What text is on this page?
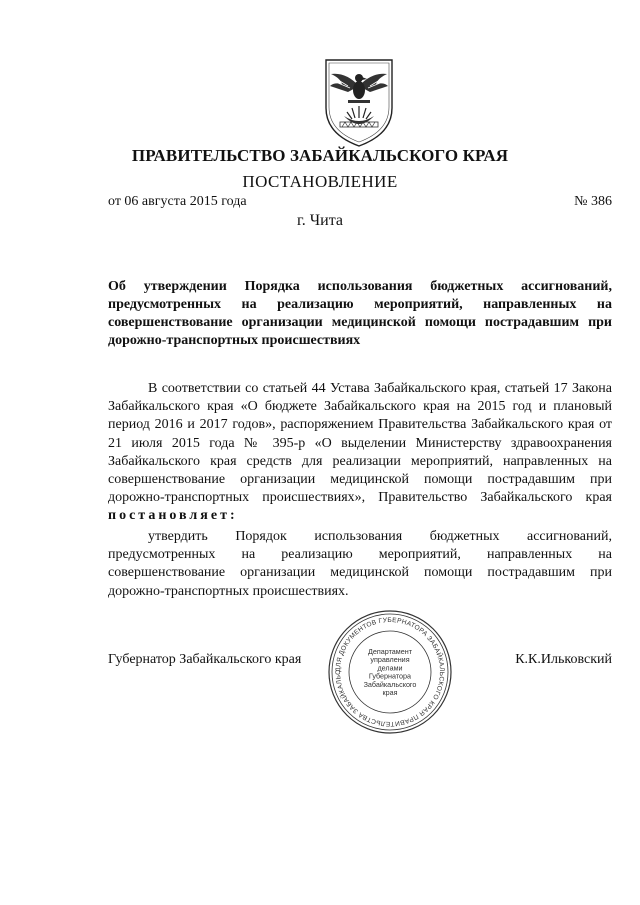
ПРАВИТЕЛЬСТВО ЗАБАЙКАЛЬСКОГО КРАЯ
ПОСТАНОВЛЕНИЕ
от 06 августа 2015 года	№ 386
г. Чита
Об утверждении Порядка использования бюджетных ассигнований, предусмотренных на реализацию мероприятий, направленных на совершенствование организации медицинской помощи пострадавшим при дорожно-транспортных происшествиях
В соответствии со статьей 44 Устава Забайкальского края, статьей 17 Закона Забайкальского края «О бюджете Забайкальского края на 2015 год и плановый период 2016 и 2017 годов», распоряжением Правительства Забайкальского края от 21 июля 2015 года № 395-р «О выделении Министерству здравоохранения Забайкальского края средств для реализации мероприятий, направленных на совершенствование организации медицинской помощи пострадавшим при дорожно-транспортных происшествиях», Правительство Забайкальского края постановляет:
утвердить Порядок использования бюджетных ассигнований, предусмотренных на реализацию мероприятий, направленных на совершенствование организации медицинской помощи пострадавшим при дорожно-транспортных происшествиях.
Губернатор Забайкальского края	К.К.Ильковский
ДЛЯ ДОКУМЕНТОВ ГУБЕРНАТОРА ЗАБАЙКАЛЬСКОГО КРАЯ ПРАВИТЕЛЬСТВА ЗАБАЙКАЛЬС
Департамент
управления
делами
Губернатора
Забайкальского
края
